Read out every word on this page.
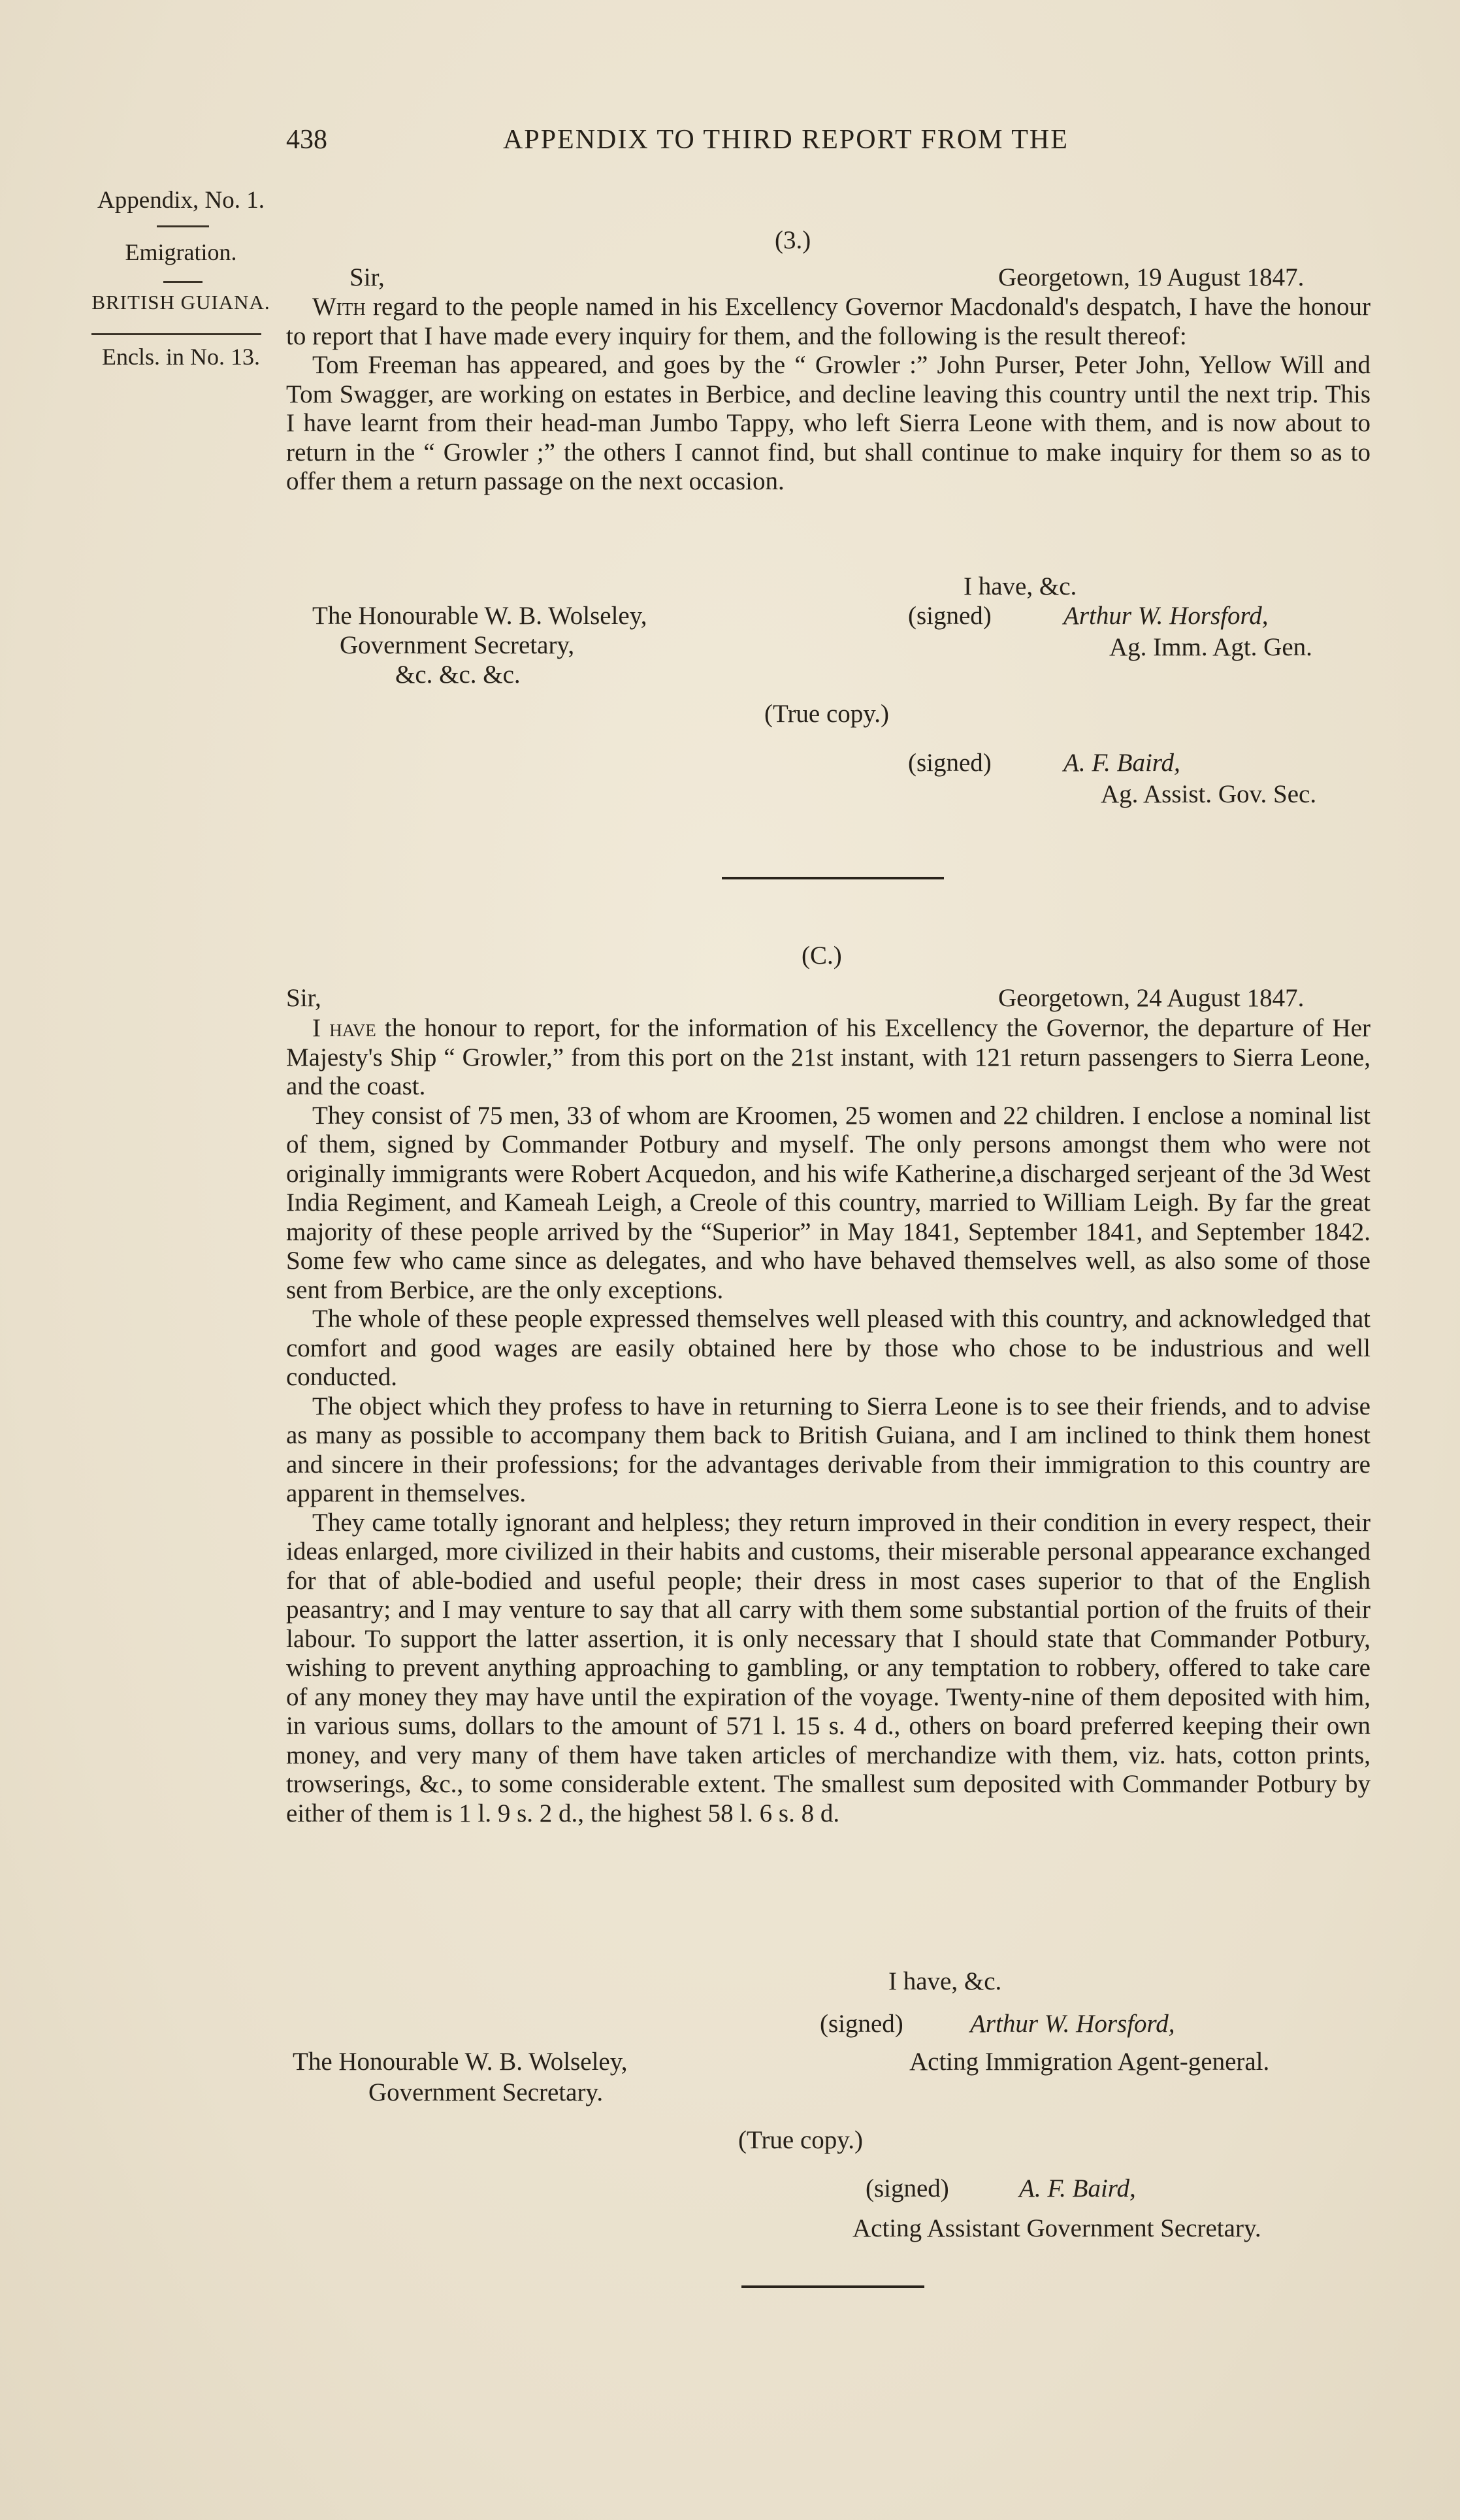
438	APPENDIX TO THIRD REPORT FROM THE
Appendix, No. 1.
Emigration.
BRITISH GUIANA.
Encls. in No. 13.
(3.)
Sir,	Georgetown, 19 August 1847.

With regard to the people named in his Excellency Governor Macdonald's despatch, I have the honour to report that I have made every inquiry for them, and the following is the result thereof:

Tom Freeman has appeared, and goes by the “ Growler :” John Purser, Peter John, Yellow Will and Tom Swagger, are working on estates in Berbice, and decline leaving this country until the next trip. This I have learnt from their head-man Jumbo Tappy, who left Sierra Leone with them, and is now about to return in the “ Growler ;” the others I cannot find, but shall continue to make inquiry for them so as to offer them a return passage on the next occasion.

I have, &c.
The Honourable W. B. Wolseley,
Government Secretary,
&c. &c. &c.
(signed)	Arthur W. Horsford,
Ag. Imm. Agt. Gen.
(True copy.)
(signed)	A. F. Baird,
Ag. Assist. Gov. Sec.
(C.)
Sir,	Georgetown, 24 August 1847.

I have the honour to report, for the information of his Excellency the Governor, the departure of Her Majesty's Ship “ Growler,” from this port on the 21st instant, with 121 return passengers to Sierra Leone, and the coast.

They consist of 75 men, 33 of whom are Kroomen, 25 women and 22 children. I enclose a nominal list of them, signed by Commander Potbury and myself. The only persons amongst them who were not originally immigrants were Robert Acquedon, and his wife Katherine,a discharged serjeant of the 3d West India Regiment, and Kameah Leigh, a Creole of this country, married to William Leigh. By far the great majority of these people arrived by the “Superior” in May 1841, September 1841, and September 1842. Some few who came since as delegates, and who have behaved themselves well, as also some of those sent from Berbice, are the only exceptions.

The whole of these people expressed themselves well pleased with this country, and acknowledged that comfort and good wages are easily obtained here by those who chose to be industrious and well conducted.

The object which they profess to have in returning to Sierra Leone is to see their friends, and to advise as many as possible to accompany them back to British Guiana, and I am inclined to think them honest and sincere in their professions; for the advantages derivable from their immigration to this country are apparent in themselves.

They came totally ignorant and helpless; they return improved in their condition in every respect, their ideas enlarged, more civilized in their habits and customs, their miserable personal appearance exchanged for that of able-bodied and useful people; their dress in most cases superior to that of the English peasantry; and I may venture to say that all carry with them some substantial portion of the fruits of their labour. To support the latter assertion, it is only necessary that I should state that Commander Potbury, wishing to prevent anything approaching to gambling, or any temptation to robbery, offered to take care of any money they may have until the expiration of the voyage. Twenty-nine of them deposited with him, in various sums, dollars to the amount of 571 l. 15 s. 4 d., others on board preferred keeping their own money, and very many of them have taken articles of merchandize with them, viz. hats, cotton prints, trowserings, &c., to some considerable extent. The smallest sum deposited with Commander Potbury by either of them is 1 l. 9 s. 2 d., the highest 58 l. 6 s. 8 d.

I have, &c.
(signed)	Arthur W. Horsford,
The Honourable W. B. Wolseley,	Acting Immigration Agent-general.
Government Secretary.
(True copy.)
(signed)	A. F. Baird,
Acting Assistant Government Secretary.
